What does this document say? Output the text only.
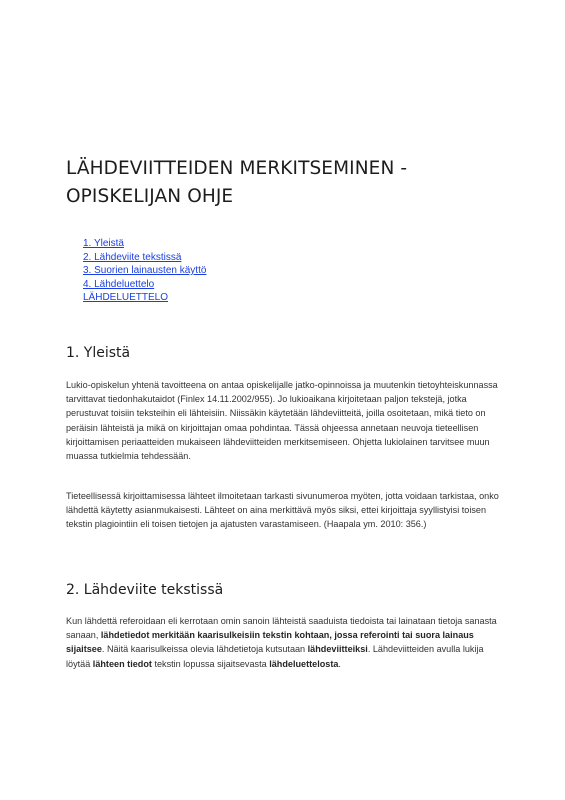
LÄHDEVIITTEIDEN MERKITSEMINEN - OPISKELIJAN OHJE
1. Yleistä
2. Lähdeviite tekstissä
3. Suorien lainausten käyttö
4. Lähdeluettelo
LÄHDELUETTELO
1. Yleistä

Lukio-opiskelun yhtenä tavoitteena on antaa opiskelijalle jatko-opinnoissa ja muutenkin tietoyhteiskunnassa tarvittavat tiedonhakutaidot (Finlex 14.11.2002/955). Jo lukioaikana kirjoitetaan paljon tekstejä, jotka perustuvat toisiin teksteihin eli lähteisiin. Niissäkin käytetään lähdeviitteitä, joilla osoitetaan, mikä tieto on peräisin lähteistä ja mikä on kirjoittajan omaa pohdintaa. Tässä ohjeessa annetaan neuvoja tieteellisen kirjoittamisen periaatteiden mukaiseen lähdeviitteiden merkitsemiseen. Ohjetta lukiolainen tarvitsee muun muassa tutkielmia tehdessään.

Tieteellisessä kirjoittamisessa lähteet ilmoitetaan tarkasti sivunumeroa myöten, jotta voidaan tarkistaa, onko lähdettä käytetty asianmukaisesti. Lähteet on aina merkittävä myös siksi, ettei kirjoittaja syyllistyisi toisen tekstin plagiointiin eli toisen tietojen ja ajatusten varastamiseen. (Haapala ym. 2010: 356.)

2. Lähdeviite tekstissä

Kun lähdettä referoidaan eli kerrotaan omin sanoin lähteistä saaduista tiedoista tai lainataan tietoja sanasta sanaan, lähdetiedot merkitään kaarisulkeisiin tekstin kohtaan, jossa referointi tai suora lainaus sijaitsee. Näitä kaarisulkeissa olevia lähdetietoja kutsutaan lähdeviitteiksi. Lähdeviitteiden avulla lukija löytää lähteen tiedot tekstin lopussa sijaitsevasta lähdeluettelosta.
